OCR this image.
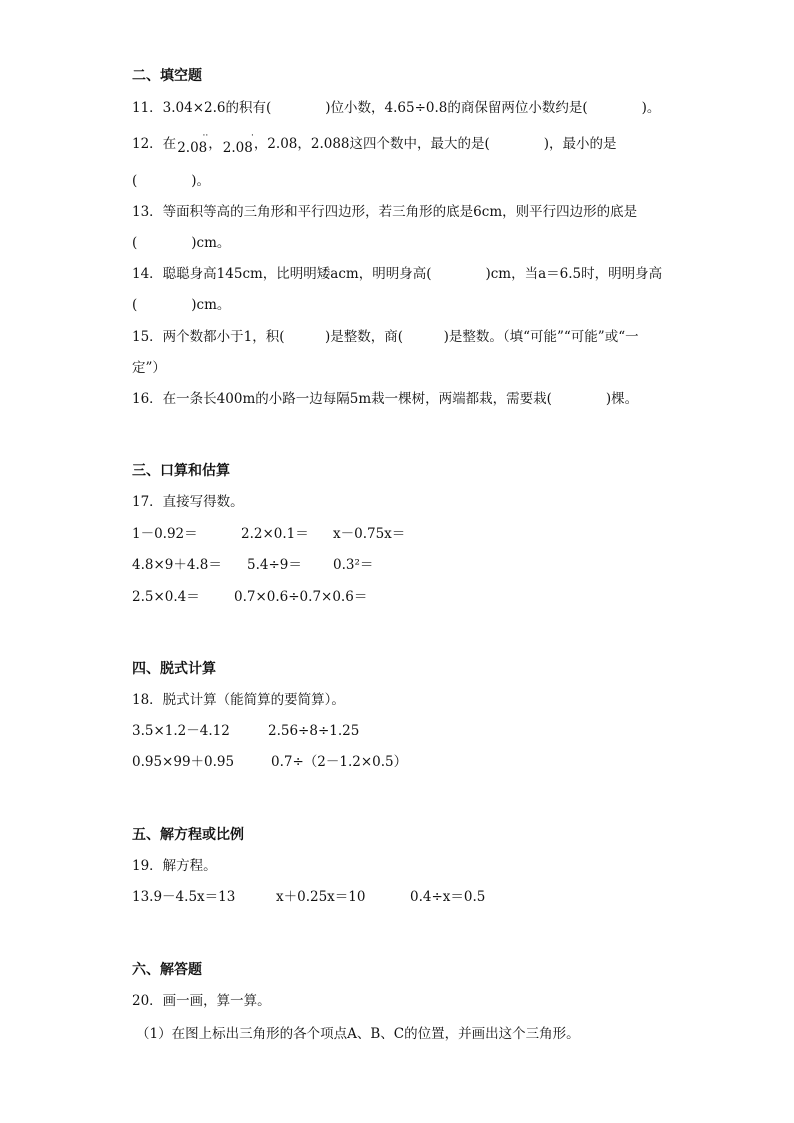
二、填空题
11．3.04×2.6的积有(　　　　)位小数，4.65÷0.8的商保留两位小数约是(　　　　)。
12．在	··
2.08，	·
2.08，2.08，2.088这四个数中，最大的是(　　　　)，最小的是
(　　　　)。
13．等面积等高的三角形和平行四边形，若三角形的底是6cm，则平行四边形的底是
(　　　　)cm。
14．聪聪身高145cm，比明明矮acm，明明身高(　　　　)cm，当a＝6.5时，明明身高
(　　　　)cm。
15．两个数都小于1，积(　　　)是整数，商(　　　)是整数。（填“可能”“可能”或“一
定”）
16．在一条长400m的小路一边每隔5m栽一棵树，两端都栽，需要栽(　　　　)棵。
三、口算和估算
17．直接写得数。
1－0.92＝	2.2×0.1＝ x－0.75x＝
4.8×9＋4.8＝ 5.4÷9＝ 0.3²＝
2.5×0.4＝	0.7×0.6÷0.7×0.6＝
四、脱式计算
18．脱式计算（能简算的要简算）。
3.5×1.2－4.12	2.56÷8÷1.25
0.95×99＋0.95	0.7÷（2－1.2×0.5）
五、解方程或比例
19．解方程。
13.9－4.5x＝13	x＋0.25x＝10	0.4÷x＝0.5
六、解答题
20．画一画，算一算。
（1）在图上标出三角形的各个项点A、B、C的位置，并画出这个三角形。
